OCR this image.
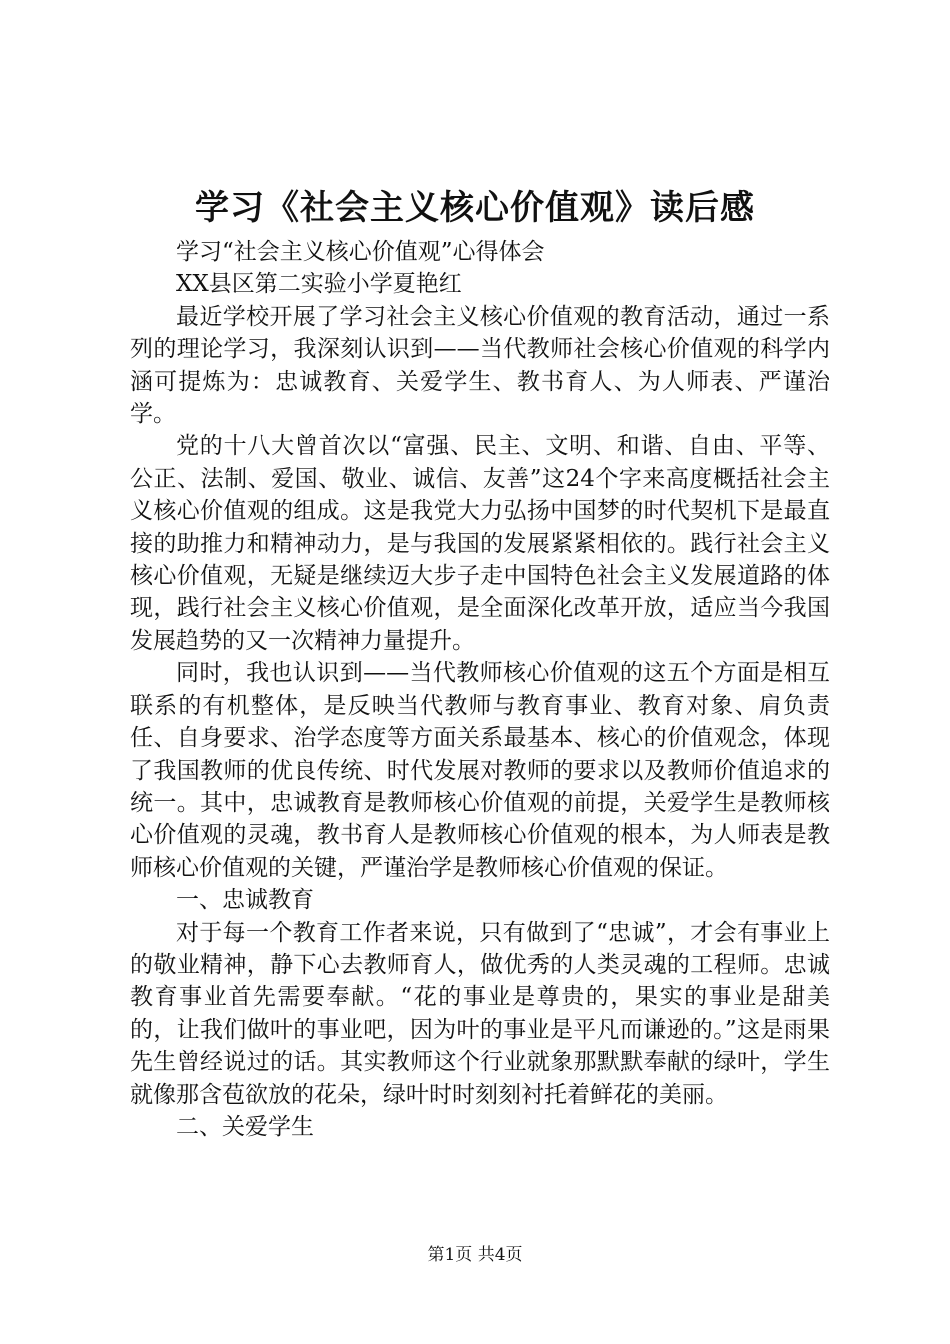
学习《社会主义核心价值观》读后感

学习“社会主义核心价值观”心得体会

XX县区第二实验小学夏艳红

最近学校开展了学习社会主义核心价值观的教育活动，通过一系列的理论学习，我深刻认识到——当代教师社会核心价值观的科学内涵可提炼为：忠诚教育、关爱学生、教书育人、为人师表、严谨治学。

党的十八大曾首次以“富强、民主、文明、和谐、自由、平等、公正、法制、爱国、敬业、诚信、友善”这24个字来高度概括社会主义核心价值观的组成。这是我党大力弘扬中国梦的时代契机下是最直接的助推力和精神动力，是与我国的发展紧紧相依的。践行社会主义核心价值观，无疑是继续迈大步子走中国特色社会主义发展道路的体现，践行社会主义核心价值观，是全面深化改革开放，适应当今我国发展趋势的又一次精神力量提升。

同时，我也认识到——当代教师核心价值观的这五个方面是相互联系的有机整体，是反映当代教师与教育事业、教育对象、肩负责任、自身要求、治学态度等方面关系最基本、核心的价值观念，体现了我国教师的优良传统、时代发展对教师的要求以及教师价值追求的统一。其中，忠诚教育是教师核心价值观的前提，关爱学生是教师核心价值观的灵魂，教书育人是教师核心价值观的根本，为人师表是教师核心价值观的关键，严谨治学是教师核心价值观的保证。

一、忠诚教育

对于每一个教育工作者来说，只有做到了“忠诚”，才会有事业上的敬业精神，静下心去教师育人，做优秀的人类灵魂的工程师。忠诚教育事业首先需要奉献。“花的事业是尊贵的，果实的事业是甜美的，让我们做叶的事业吧，因为叶的事业是平凡而谦逊的。”这是雨果先生曾经说过的话。其实教师这个行业就象那默默奉献的绿叶，学生就像那含苞欲放的花朵，绿叶时时刻刻衬托着鲜花的美丽。

二、关爱学生

第1页 共4页
